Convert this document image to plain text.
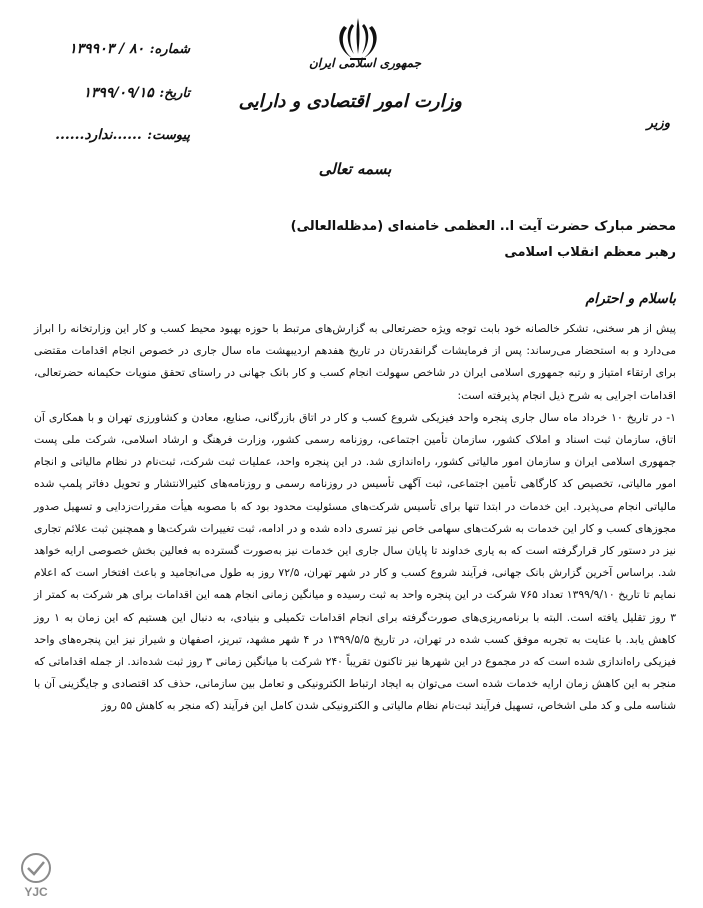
جمهوری اسلامی ایران
وزارت امور اقتصادی و دارایی
وزیر
شماره: ۸۰ / ۱۳۹۹۰۳
تاریخ: ۱۳۹۹/۰۹/۱۵
پیوست: ......ندارد......
بسمه تعالی
محضر مبارک حضرت آیت ا.. العظمی خامنه‌ای (مدظله‌العالی)
رهبر معظم انقلاب اسلامی
باسلام و احترام

پیش از هر سخنی، تشکر خالصانه خود بابت توجه ویژه حضرتعالی به گزارش‌های مرتبط با حوزه بهبود محیط کسب و کار این وزارتخانه را ابراز می‌دارد و به استحضار می‌رساند: پس از فرمایشات گرانقدرتان در تاریخ هفدهم اردیبهشت ماه سال جاری در خصوص انجام اقدامات مقتضی برای ارتقاء امتیاز و رتبه جمهوری اسلامی ایران در شاخص سهولت انجام کسب و کار بانک جهانی در راستای تحقق منویات حکیمانه حضرتعالی، اقدامات اجرایی به شرح ذیل انجام پذیرفته است:

۱- در تاریخ ۱۰ خرداد ماه سال جاری پنجره واحد فیزیکی شروع کسب و کار در اتاق بازرگانی، صنایع، معادن و کشاورزی تهران و با همکاری آن اتاق، سازمان ثبت اسناد و املاک کشور، سازمان تأمین اجتماعی، روزنامه رسمی کشور، وزارت فرهنگ و ارشاد اسلامی، شرکت ملی پست جمهوری اسلامی ایران و سازمان امور مالیاتی کشور، راه‌اندازی شد. در این پنجره واحد، عملیات ثبت شرکت، ثبت‌نام در نظام مالیاتی و انجام امور مالیاتی، تخصیص کد کارگاهی تأمین اجتماعی، ثبت آگهی تأسیس در روزنامه رسمی و روزنامه‌های کثیرالانتشار و تحویل دفاتر پلمپ شده مالیاتی انجام می‌پذیرد. این خدمات در ابتدا تنها برای تأسیس شرکت‌های مسئولیت محدود بود که با مصوبه هیأت مقررات‌زدایی و تسهیل صدور مجوزهای کسب و کار این خدمات به شرکت‌های سهامی خاص نیز تسری داده شده و در ادامه، ثبت تغییرات شرکت‌ها و همچنین ثبت علائم تجاری نیز در دستور کار قرارگرفته است که به یاری خداوند تا پایان سال جاری این خدمات نیز به‌صورت گسترده به فعالین بخش خصوصی ارایه خواهد شد. براساس آخرین گزارش بانک جهانی، فرآیند شروع کسب و کار در شهر تهران، ۷۲/۵ روز به طول می‌انجامید و باعث افتخار است که اعلام نمایم تا تاریخ ۱۳۹۹/۹/۱۰ تعداد ۷۶۵ شرکت در این پنجره واحد به ثبت رسیده و میانگین زمانی انجام همه این اقدامات برای هر شرکت به کمتر از ۳ روز تقلیل یافته است. البته با برنامه‌ریزی‌های صورت‌گرفته برای انجام اقدامات تکمیلی و بنیادی، به دنبال این هستیم که این زمان به ۱ روز کاهش یابد. با عنایت به تجربه موفق کسب شده در تهران، در تاریخ ۱۳۹۹/۵/۵ در ۴ شهر مشهد، تبریز، اصفهان و شیراز نیز این پنجره‌های واحد فیزیکی راه‌اندازی شده است که در مجموع در این شهرها نیز تاکنون تقریباً ۲۴۰ شرکت با میانگین زمانی ۳ روز ثبت شده‌اند. از جمله اقداماتی که منجر به این کاهش زمان ارایه خدمات شده است می‌توان به ایجاد ارتباط الکترونیکی و تعامل بین سازمانی، حذف کد اقتصادی و جایگزینی آن با شناسه ملی و کد ملی اشخاص، تسهیل فرآیند ثبت‌نام نظام مالیاتی و الکترونیکی شدن کامل این فرآیند (که منجر به کاهش ۵۵ روز

YJC
